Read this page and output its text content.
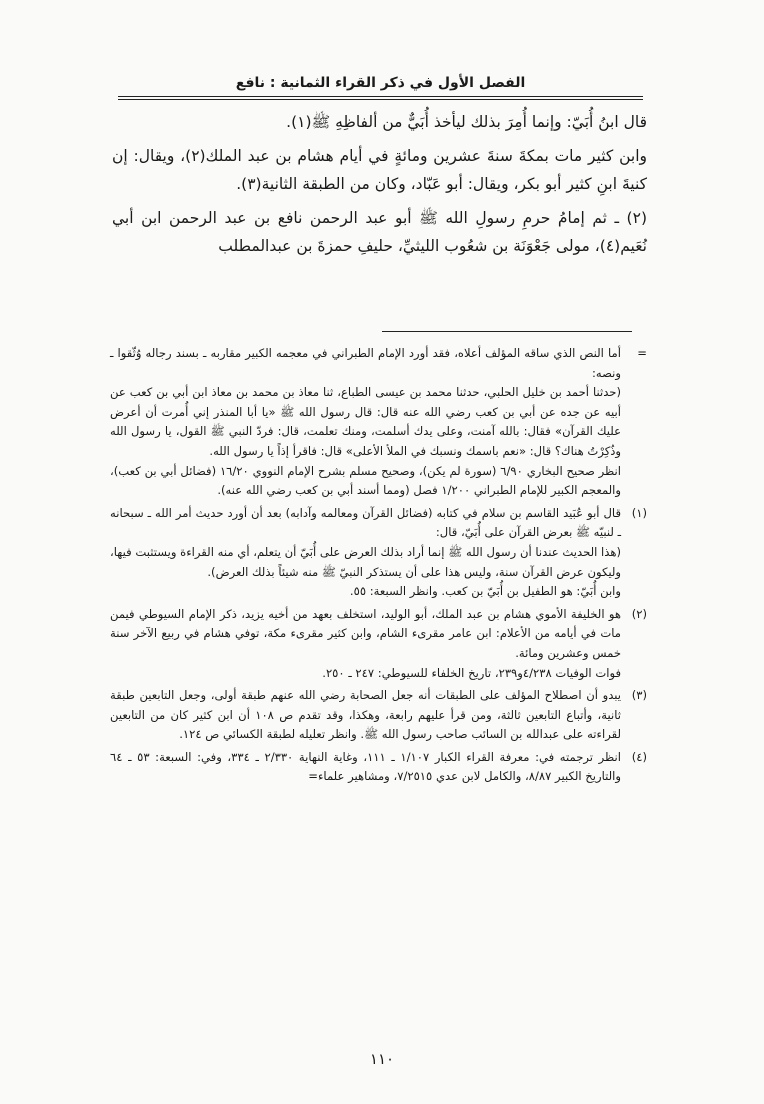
الفصل الأول في ذكر القراء الثمانية : نافع

قال ابنُ أُبَيّ: وإنما أُمِرَ بذلك ليأخذ أُبَيٌّ من ألفاظِهِ ﷺ(١).

وابن كثير مات بمكةَ سنةَ عشرين ومائةٍ في أيام هشام بن عبد الملك(٢)، ويقال: إن كنيةَ ابنِ كثير أبو بكر، ويقال: أبو عَبّاد، وكان من الطبقة الثانية(٣).

(٢) ـ ثم إمامُ حرمِ رسولِ الله ﷺ أبو عبد الرحمن نافع بن عبد الرحمن ابن أبي نُعَيم(٤)، مولى جَعْوَنَة بن شعُوب الليثيِّ، حليفِ حمزةَ بن عبدالمطلب

=

أما النص الذي ساقه المؤلف أعلاه، فقد أورد الإمام الطبراني في معجمه الكبير مقاربه ـ بسند رجاله وُثّقوا ـ ونصه:

(حدثنا أحمد بن خليل الحلبي، حدثنا محمد بن عيسى الطباع، ثنا معاذ بن محمد بن معاذ ابن أبي بن كعب عن أبيه عن جده عن أبي بن كعب رضي الله عنه قال: قال رسول الله ﷺ «يا أبا المنذر إني أُمرت أن أعرض عليك القرآن» فقال: بالله آمنت، وعلى يدك أسلمت، ومنك تعلمت، قال: فردّ النبي ﷺ القول، يا رسول الله وذُكِرْتُ هناك؟ قال: «نعم باسمك ونسبك في الملأ الأعلى» قال: فاقرأ إذاً يا رسول الله.

انظر صحيح البخاري ٦/٩٠ (سورة لم يكن)، وصحيح مسلم بشرح الإمام النووي ١٦/٢٠ (فضائل أبي بن كعب)، والمعجم الكبير للإمام الطبراني ١/٢٠٠ فصل (ومما أسند أبي بن كعب رضي الله عنه).

(١)

قال أبو عُبَيد القاسم بن سلام في كتابه (فضائل القرآن ومعالمه وآدابه) بعد أن أورد حديث أمر الله ـ سبحانه ـ لنبيّه ﷺ بعرض القرآن على أُبَيّ، قال:

(هذا الحديث عندنا أن رسول الله ﷺ إنما أراد بذلك العرض على أُبَيّ أن يتعلم، أي منه القراءة ويستثبت فيها، وليكون عرض القرآن سنة، وليس هذا على أن يستذكر النبيّ ﷺ منه شيئاً بذلك العرض).

وابن أُبَيّ: هو الطفيل بن أُبَيّ بن كعب. وانظر السبعة: ٥٥.

(٢)

هو الخليفة الأموي هشام بن عبد الملك، أبو الوليد، استخلف بعهد من أخيه يزيد، ذكر الإمام السيوطي فيمن مات في أيامه من الأعلام: ابن عامر مقرىء الشام، وابن كثير مقرىء مكة، توفي هشام في ربيع الآخر سنة خمس وعشرين ومائة.

فوات الوفيات ٤/٢٣٨و٢٣٩، تاريخ الخلفاء للسيوطي: ٢٤٧ ـ ٢٥٠.

(٣)

يبدو أن اصطلاح المؤلف على الطبقات أنه جعل الصحابة رضي الله عنهم طبقة أولى، وجعل التابعين طبقة ثانية، وأتباع التابعين ثالثة، ومن قرأ عليهم رابعة، وهكذا، وقد تقدم ص ١٠٨ أن ابن كثير كان من التابعين لقراءته على عبدالله بن السائب صاحب رسول الله ﷺ. وانظر تعليله لطبقة الكسائي ص ١٢٤.

(٤)

انظر ترجمته في: معرفة القراء الكبار ١/١٠٧ ـ ١١١، وغاية النهاية ٢/٣٣٠ ـ ٣٣٤، وفي: السبعة: ٥٣ ـ ٦٤ والتاريخ الكبير ٨/٨٧، والكامل لابن عدي ٧/٢٥١٥، ومشاهير علماء=

١١٠
